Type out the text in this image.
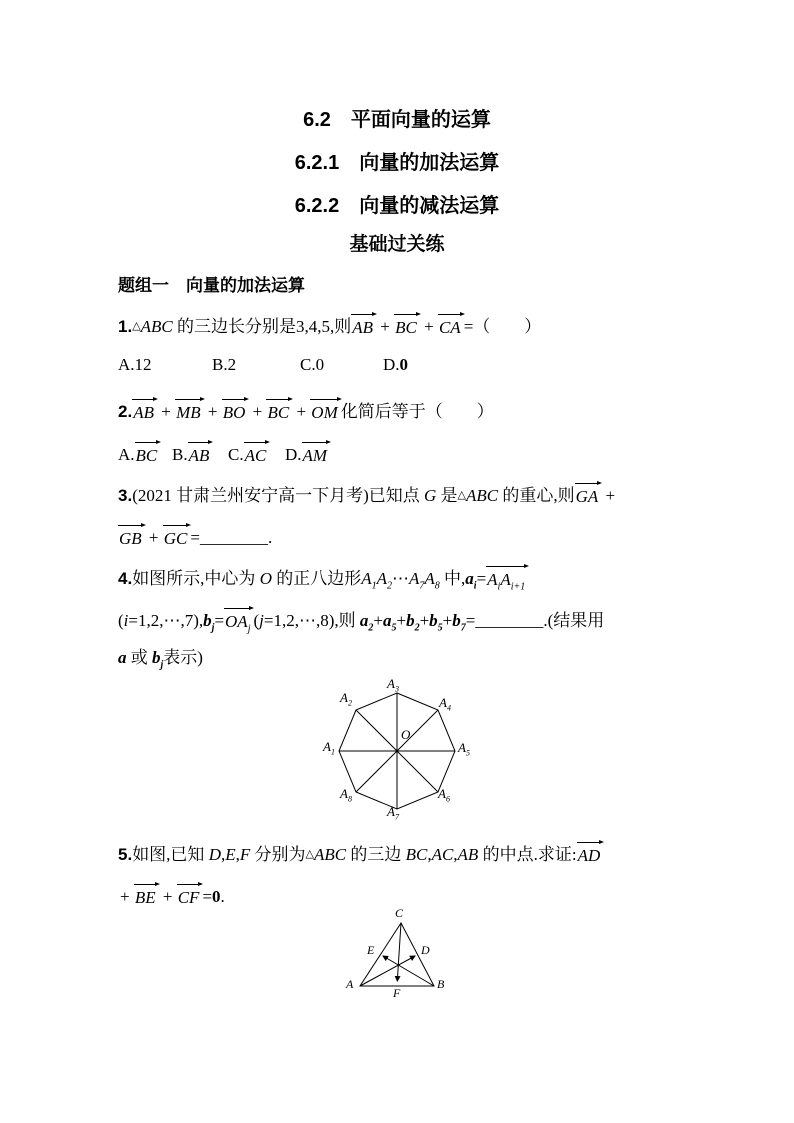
6.2　平面向量的运算
6.2.1　向量的加法运算
6.2.2　向量的减法运算
基础过关练
题组一　向量的加法运算
1.△ABC 的三边长分别是3,4,5,则AB + BC + CA =（　　）
A.12	B.2	C.0	D.0
2.AB + MB + BO + BC + OM 化简后等于（　　）
A.BC B.AB	C.AC	D.AM
3.(2021 甘肃兰州安宁高一下月考)已知点 G 是△ABC 的重心,则GA +
GB + GC =________.
4.如图所示,中心为 O 的正八边形$A_1A_2\cdots A_7A_8$ 中$,a_i=A_iA_{i+1}$
$(i=1,2,\cdots,7),b_j=OA_j$ (j=1,2,⋯,8),则 $a_2+a_5+b_2+b_5+b_7=\_\_\_\_\_\_\_\_$.(结果用
a 或 $b_j$表示)
$A_3$
$A_2$	$A_4$
$A_1$	$A_5$
O
$A_8$	$A_6$
$A_7$
5.如图,已知 D,E,F 分别为△ABC 的三边 BC,AC,AB 的中点.求证:AD
+ BE + CF =0.
C
E	D
A	B
F
